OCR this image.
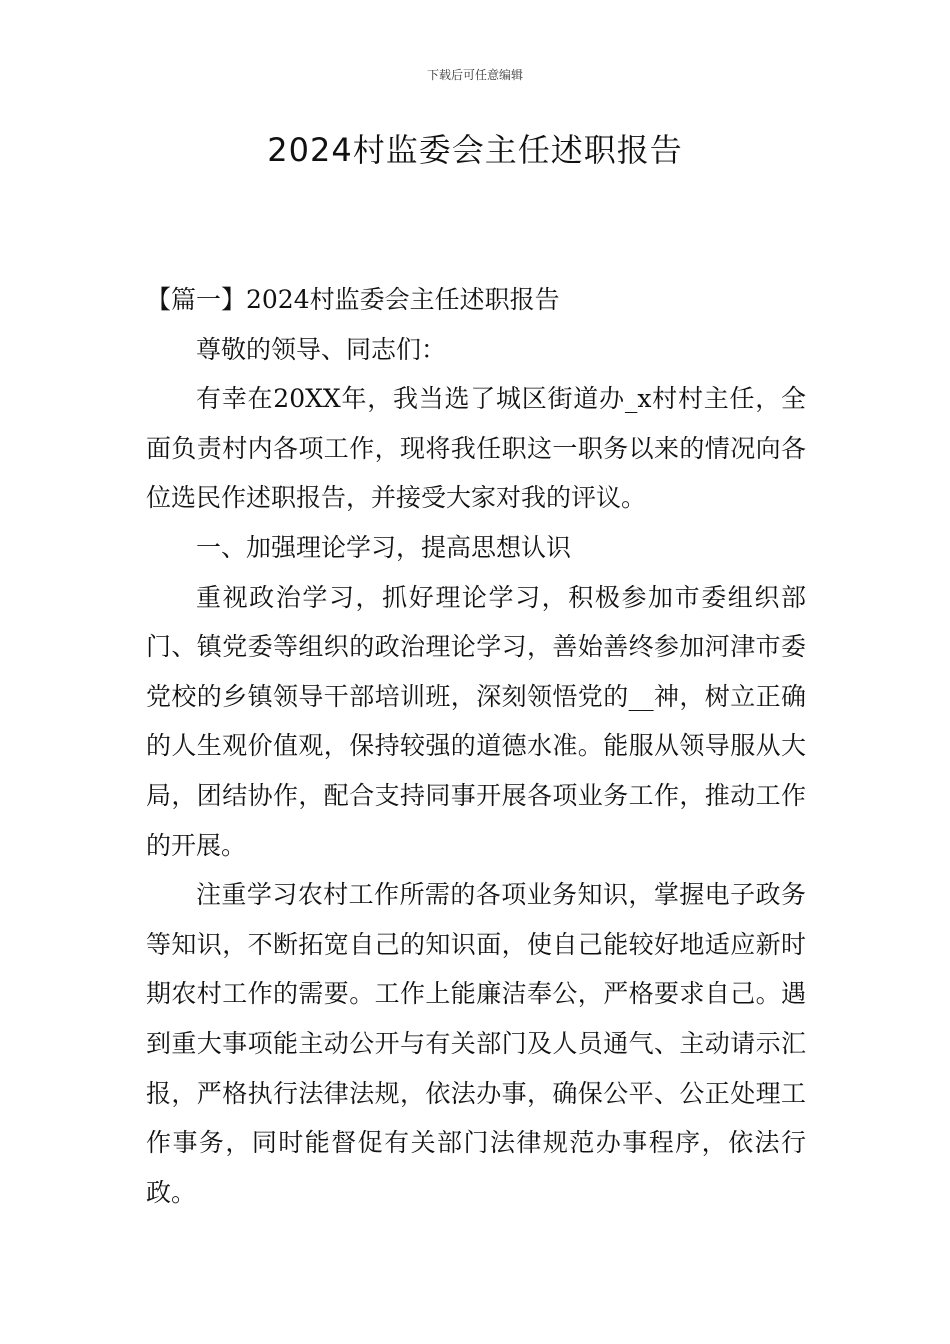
下载后可任意编辑
2024村监委会主任述职报告

【篇一】2024村监委会主任述职报告

尊敬的领导、同志们：

有幸在20XX年，我当选了城区街道办_x村村主任，全面负责村内各项工作，现将我任职这一职务以来的情况向各位选民作述职报告，并接受大家对我的评议。

一、加强理论学习，提高思想认识

重视政治学习，抓好理论学习，积极参加市委组织部门、镇党委等组织的政治理论学习，善始善终参加河津市委党校的乡镇领导干部培训班，深刻领悟党的__神，树立正确的人生观价值观，保持较强的道德水准。能服从领导服从大局，团结协作，配合支持同事开展各项业务工作，推动工作的开展。

注重学习农村工作所需的各项业务知识，掌握电子政务等知识，不断拓宽自己的知识面，使自己能较好地适应新时期农村工作的需要。工作上能廉洁奉公，严格要求自己。遇到重大事项能主动公开与有关部门及人员通气、主动请示汇报，严格执行法律法规，依法办事，确保公平、公正处理工作事务，同时能督促有关部门法律规范办事程序，依法行政。
